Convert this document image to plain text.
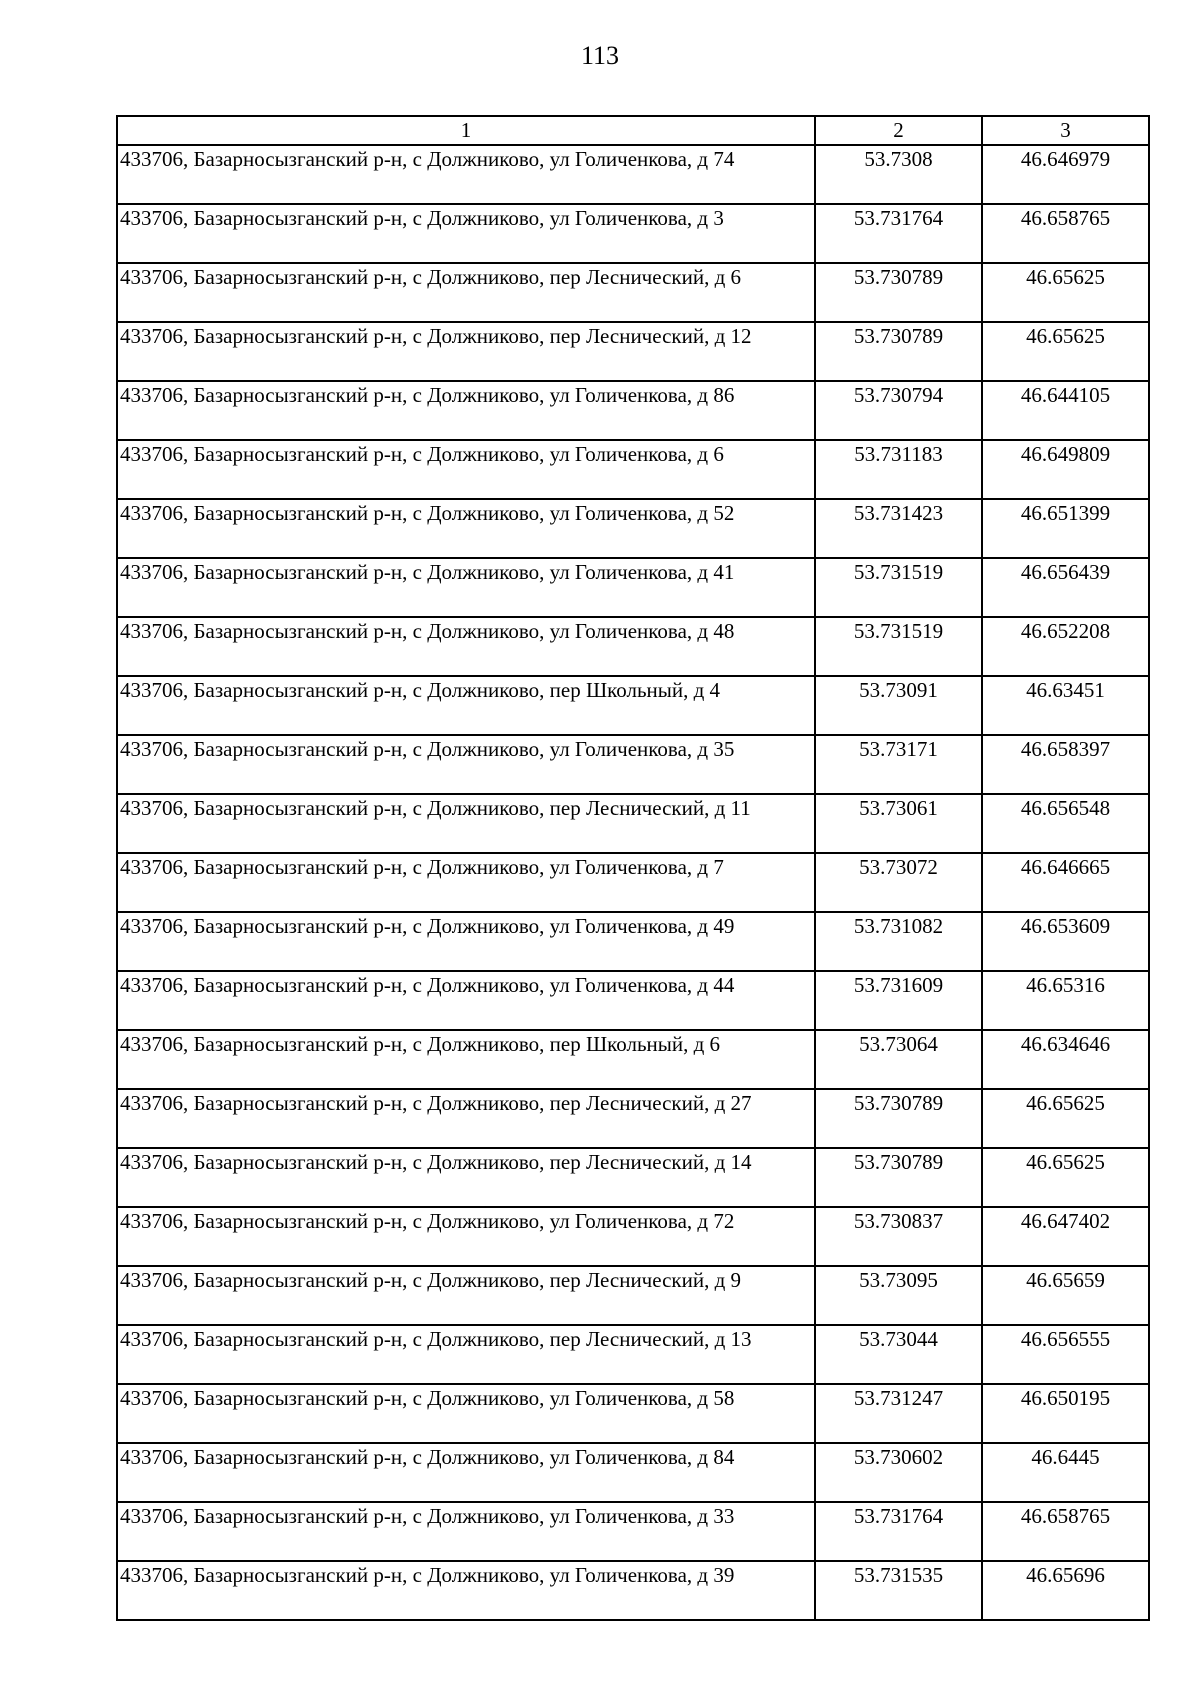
113
1	2	3
433706, Базарносызганский р-н, с Должниково, ул Голиченкова, д 74	53.7308	46.646979
433706, Базарносызганский р-н, с Должниково, ул Голиченкова, д 3	53.731764	46.658765
433706, Базарносызганский р-н, с Должниково, пер Леснический, д 6	53.730789	46.65625
433706, Базарносызганский р-н, с Должниково, пер Леснический, д 12	53.730789	46.65625
433706, Базарносызганский р-н, с Должниково, ул Голиченкова, д 86	53.730794	46.644105
433706, Базарносызганский р-н, с Должниково, ул Голиченкова, д 6	53.731183	46.649809
433706, Базарносызганский р-н, с Должниково, ул Голиченкова, д 52	53.731423	46.651399
433706, Базарносызганский р-н, с Должниково, ул Голиченкова, д 41	53.731519	46.656439
433706, Базарносызганский р-н, с Должниково, ул Голиченкова, д 48	53.731519	46.652208
433706, Базарносызганский р-н, с Должниково, пер Школьный, д 4	53.73091	46.63451
433706, Базарносызганский р-н, с Должниково, ул Голиченкова, д 35	53.73171	46.658397
433706, Базарносызганский р-н, с Должниково, пер Леснический, д 11	53.73061	46.656548
433706, Базарносызганский р-н, с Должниково, ул Голиченкова, д 7	53.73072	46.646665
433706, Базарносызганский р-н, с Должниково, ул Голиченкова, д 49	53.731082	46.653609
433706, Базарносызганский р-н, с Должниково, ул Голиченкова, д 44	53.731609	46.65316
433706, Базарносызганский р-н, с Должниково, пер Школьный, д 6	53.73064	46.634646
433706, Базарносызганский р-н, с Должниково, пер Леснический, д 27	53.730789	46.65625
433706, Базарносызганский р-н, с Должниково, пер Леснический, д 14	53.730789	46.65625
433706, Базарносызганский р-н, с Должниково, ул Голиченкова, д 72	53.730837	46.647402
433706, Базарносызганский р-н, с Должниково, пер Леснический, д 9	53.73095	46.65659
433706, Базарносызганский р-н, с Должниково, пер Леснический, д 13	53.73044	46.656555
433706, Базарносызганский р-н, с Должниково, ул Голиченкова, д 58	53.731247	46.650195
433706, Базарносызганский р-н, с Должниково, ул Голиченкова, д 84	53.730602	46.6445
433706, Базарносызганский р-н, с Должниково, ул Голиченкова, д 33	53.731764	46.658765
433706, Базарносызганский р-н, с Должниково, ул Голиченкова, д 39	53.731535	46.65696
